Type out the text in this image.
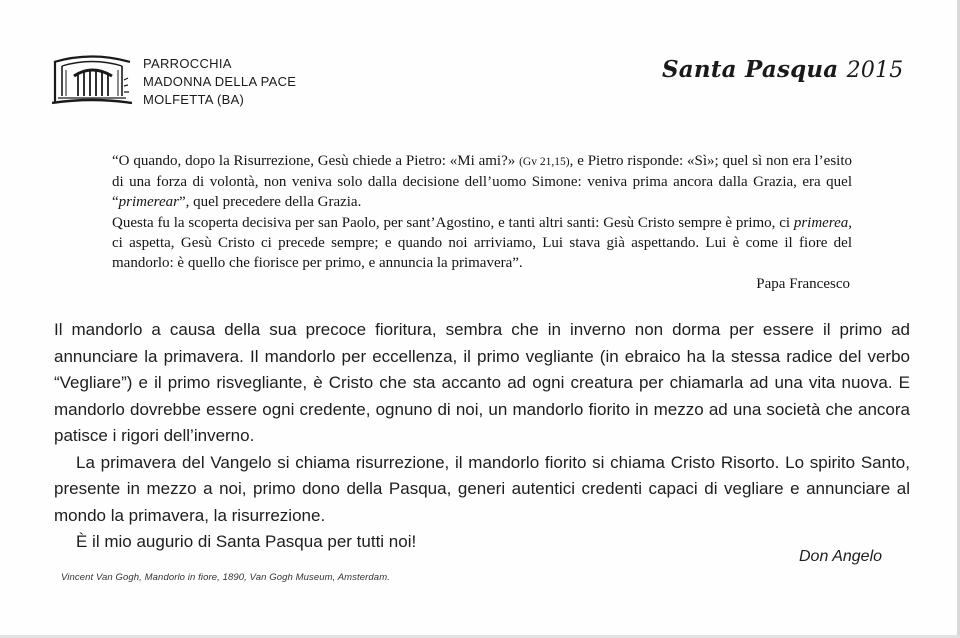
PARROCCHIA
MADONNA DELLA PACE
MOLFETTA (BA)
Santa Pasqua 2015

“O quando, dopo la Risurrezione, Gesù chiede a Pietro: «Mi ami?» (Gv 21,15), e Pietro risponde: «Sì»; quel sì non era l’esito di una forza di volontà, non veniva solo dalla decisione dell’uomo Simone: veniva prima ancora dalla Grazia, era quel “primerear”, quel precedere della Grazia.

Questa fu la scoperta decisiva per san Paolo, per sant’Agostino, e tanti altri santi: Gesù Cristo sempre è primo, ci primerea, ci aspetta, Gesù Cristo ci precede sempre; e quando noi arriviamo, Lui stava già aspettando. Lui è come il fiore del mandorlo: è quello che fiorisce per primo, e annuncia la primavera”.

Papa Francesco

Il mandorlo a causa della sua precoce fioritura, sembra che in inverno non dorma per essere il primo ad annunciare la primavera. Il mandorlo per eccellenza, il primo vegliante (in ebraico ha la stessa radice del verbo “Vegliare”) e il primo risvegliante, è Cristo che sta accanto ad ogni creatura per chiamarla ad una vita nuova. E mandorlo dovrebbe essere ogni credente, ognuno di noi, un mandorlo fiorito in mezzo ad una società che ancora patisce i rigori dell’inverno.

La primavera del Vangelo si chiama risurrezione, il mandorlo fiorito si chiama Cristo Risorto. Lo spirito Santo, presente in mezzo a noi, primo dono della Pasqua, generi autentici credenti capaci di vegliare e annunciare al mondo la primavera, la risurrezione.

È il mio augurio di Santa Pasqua per tutti noi!

Don Angelo
Vincent Van Gogh, Mandorlo in fiore, 1890, Van Gogh Museum, Amsterdam.
